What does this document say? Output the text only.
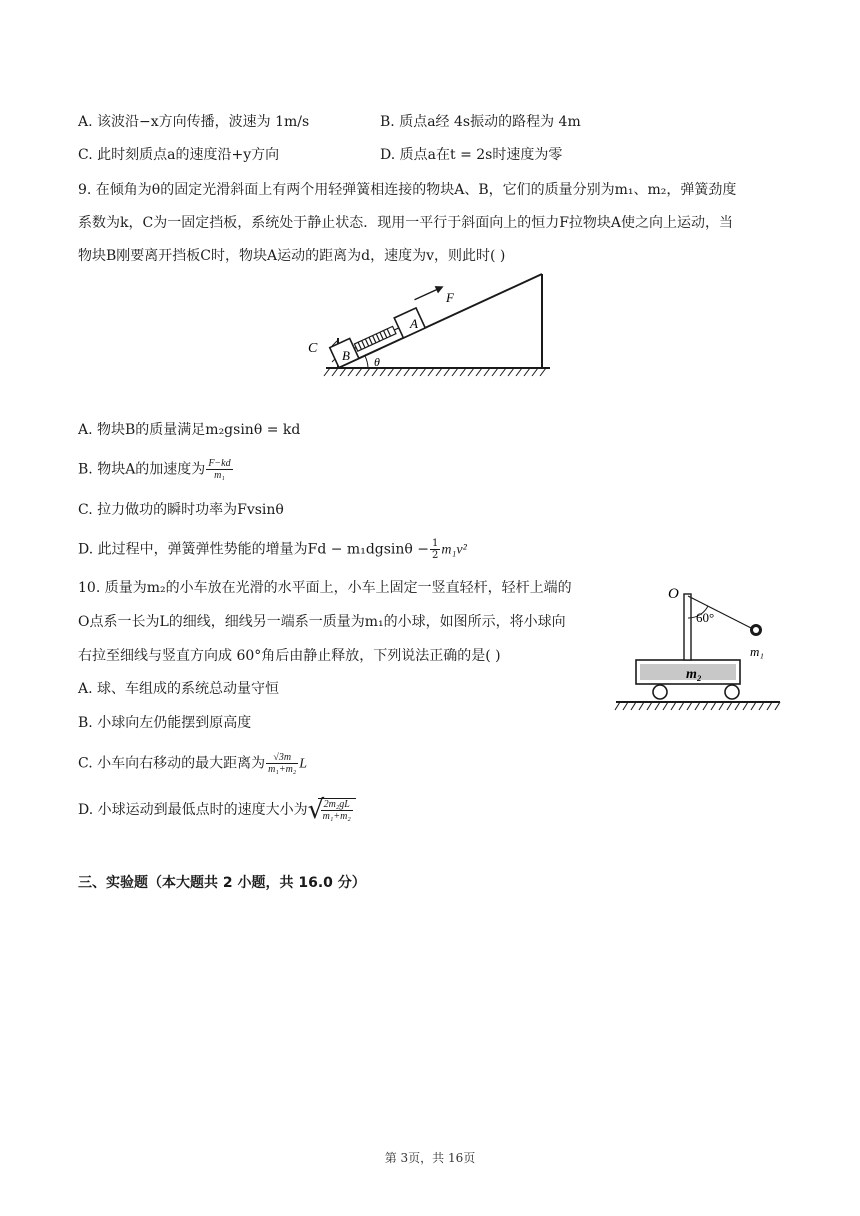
A. 该波沿−x方向传播，波速为 1m/s	B. 质点a经 4s振动的路程为 4m
C. 此时刻质点a的速度沿+y方向	D. 质点a在t = 2s时速度为零
9. 在倾角为θ的固定光滑斜面上有两个用轻弹簧相连接的物块A、B，它们的质量分别为m₁、m₂，弹簧劲度
系数为k，C为一固定挡板，系统处于静止状态．现用一平行于斜面向上的恒力F拉物块A使之向上运动，当
物块B刚要离开挡板C时，物块A运动的距离为d，速度为v，则此时( )
C B
A
F
θ
A. 物块B的质量满足m₂gsinθ = kd
B. 物块A的加速度为 $\frac{F-kd}{\text{m₁}}$
C. 拉力做功的瞬时功率为Fvsinθ
D. 此过程中，弹簧弹性势能的增量为$Fd - m_1dgsin\theta - \frac{1}{2} m_1v^2$
10. 质量为m₂的小车放在光滑的水平面上，小车上固定一竖直轻杆，轻杆上端的
O点系一长为L的细线，细线另一端系一质量为m₁的小球，如图所示，将小球向
右拉至细线与竖直方向成 60°角后由静止释放，下列说法正确的是( )
O
60°
m₁
m₂
A. 球、车组成的系统总动量守恒
B. 小球向左仍能摆到原高度
C. 小车向右移动的最大距离为 $\frac{√3m}{\text{m₁+m₂}}$ L
D. 小球运动到最低点时的速度大小为 √
$\frac{\text{2m₂gL}}{\text{m₁+m₂}}$
三、实验题（本大题共 2 小题，共 16.0 分）
第 3页，共 16页
